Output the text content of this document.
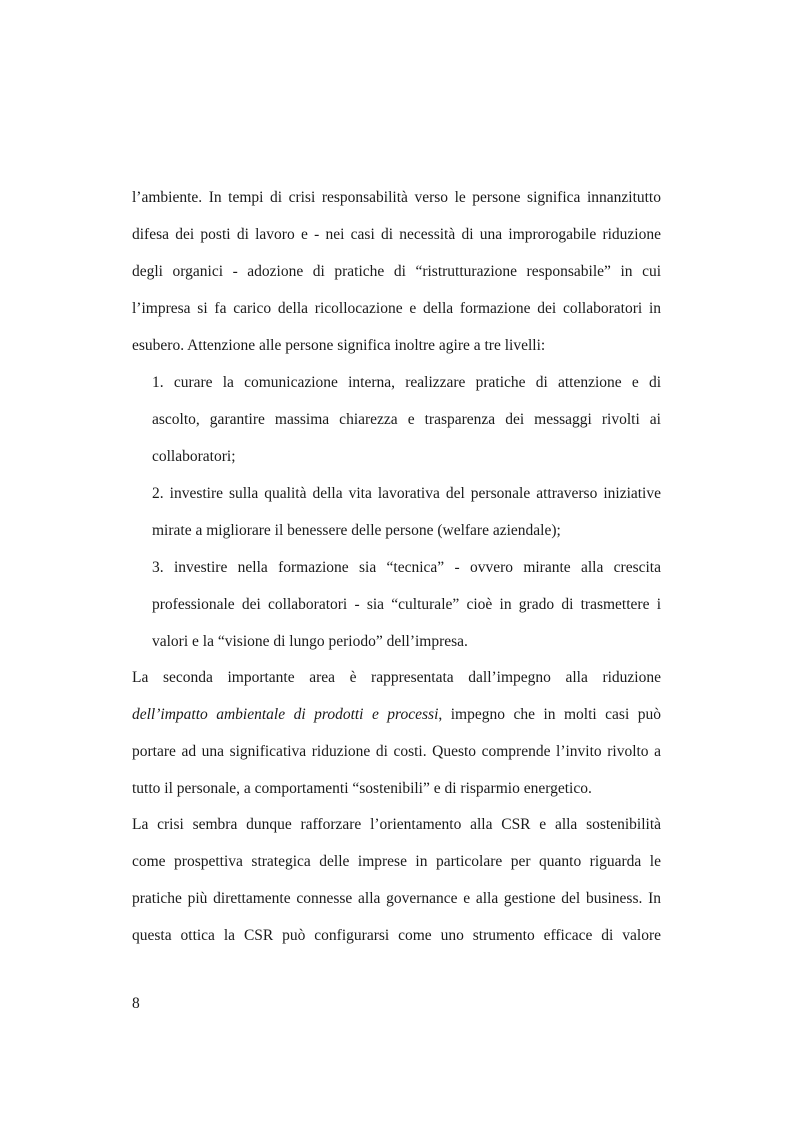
l’ambiente. In tempi di crisi responsabilità verso le persone significa innanzitutto
difesa dei posti di lavoro e - nei casi di necessità di una improrogabile riduzione
degli organici - adozione di pratiche di “ristrutturazione responsabile” in cui
l’impresa si fa carico della ricollocazione e della formazione dei collaboratori in
esubero. Attenzione alle persone significa inoltre agire a tre livelli:
1. curare la comunicazione interna, realizzare pratiche di attenzione e di
ascolto, garantire massima chiarezza e trasparenza dei messaggi rivolti ai
collaboratori;
2. investire sulla qualità della vita lavorativa del personale attraverso iniziative
mirate a migliorare il benessere delle persone (welfare aziendale);
3. investire nella formazione sia “tecnica” - ovvero mirante alla crescita
professionale dei collaboratori - sia “culturale” cioè in grado di trasmettere i
valori e la “visione di lungo periodo” dell’impresa.
La seconda importante area è rappresentata dall’impegno alla riduzione
dell’impatto ambientale di prodotti e processi, impegno che in molti casi può
portare ad una significativa riduzione di costi. Questo comprende l’invito rivolto a
tutto il personale, a comportamenti “sostenibili” e di risparmio energetico.
La crisi sembra dunque rafforzare l’orientamento alla CSR e alla sostenibilità
come prospettiva strategica delle imprese in particolare per quanto riguarda le
pratiche più direttamente connesse alla governance e alla gestione del business. In
questa ottica la CSR può configurarsi come uno strumento efficace di valore
8
